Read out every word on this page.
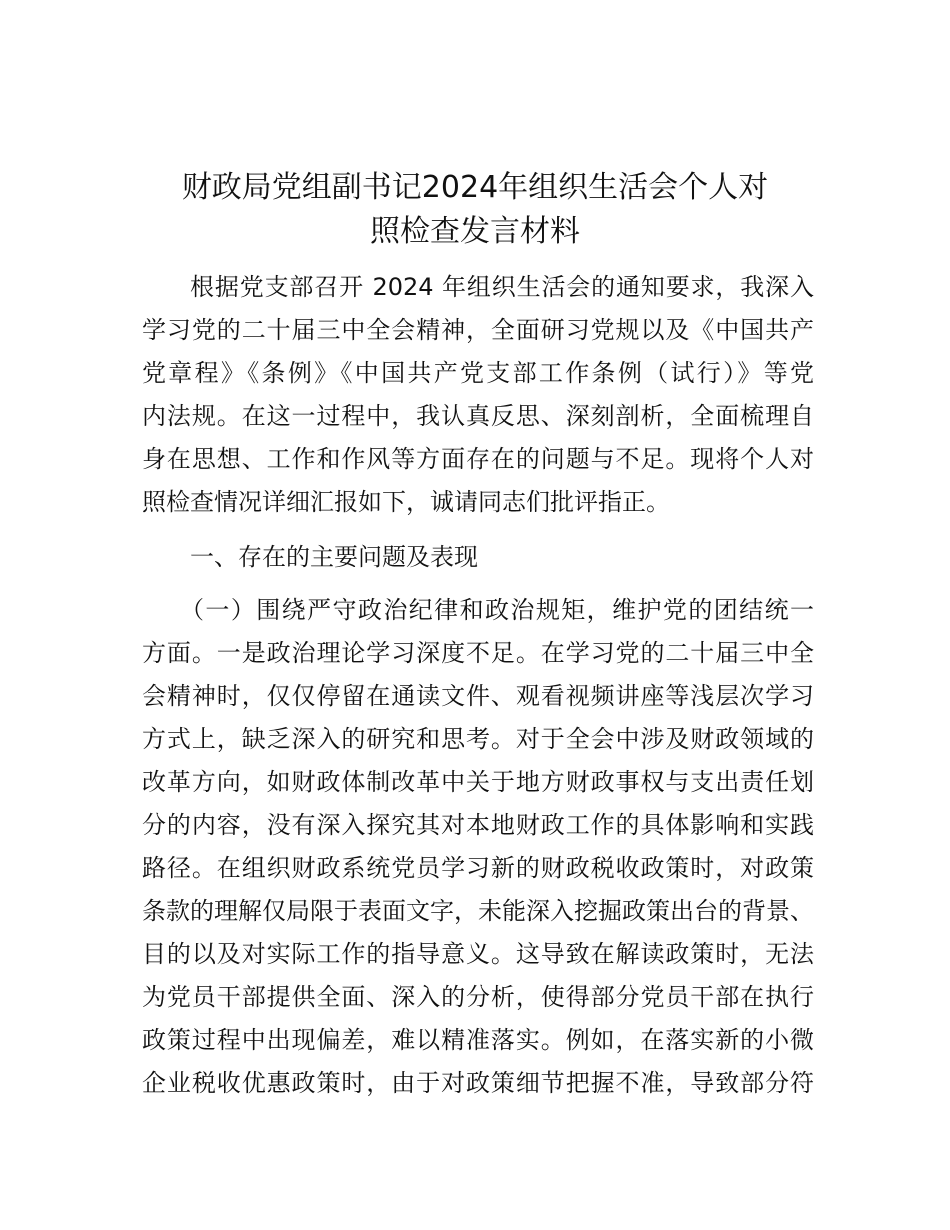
财政局党组副书记2024年组织生活会个人对
照检查发言材料
根据党支部召开 2024 年组织生活会的通知要求，我深入
学习党的二十届三中全会精神，全面研习党规以及《中国共产
党章程》《条例》《中国共产党支部工作条例（试行）》等党
内法规。在这一过程中，我认真反思、深刻剖析，全面梳理自
身在思想、工作和作风等方面存在的问题与不足。现将个人对
照检查情况详细汇报如下，诚请同志们批评指正。
一、存在的主要问题及表现
（一）围绕严守政治纪律和政治规矩，维护党的团结统一
方面。一是政治理论学习深度不足。在学习党的二十届三中全
会精神时，仅仅停留在通读文件、观看视频讲座等浅层次学习
方式上，缺乏深入的研究和思考。对于全会中涉及财政领域的
改革方向，如财政体制改革中关于地方财政事权与支出责任划
分的内容，没有深入探究其对本地财政工作的具体影响和实践
路径。在组织财政系统党员学习新的财政税收政策时，对政策
条款的理解仅局限于表面文字，未能深入挖掘政策出台的背景、
目的以及对实际工作的指导意义。这导致在解读政策时，无法
为党员干部提供全面、深入的分析，使得部分党员干部在执行
政策过程中出现偏差，难以精准落实。例如，在落实新的小微
企业税收优惠政策时，由于对政策细节把握不准，导致部分符
